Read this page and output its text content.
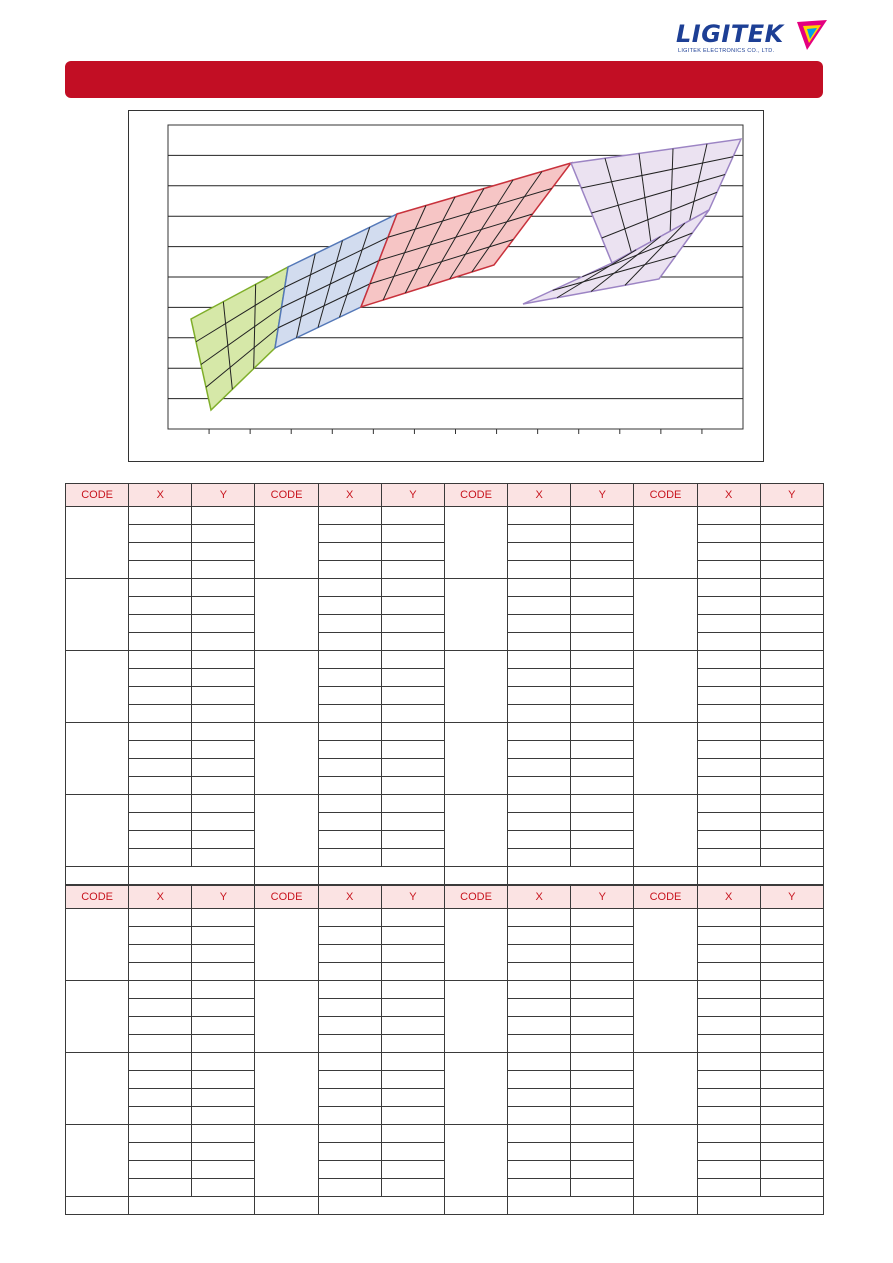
LIGITEK
LIGITEK ELECTRONICS CO., LTD.
CODE	X	Y	CODE	X	Y	CODE	X	Y	CODE	X	Y

CODE	X	Y	CODE	X	Y	CODE	X	Y	CODE	X	Y
